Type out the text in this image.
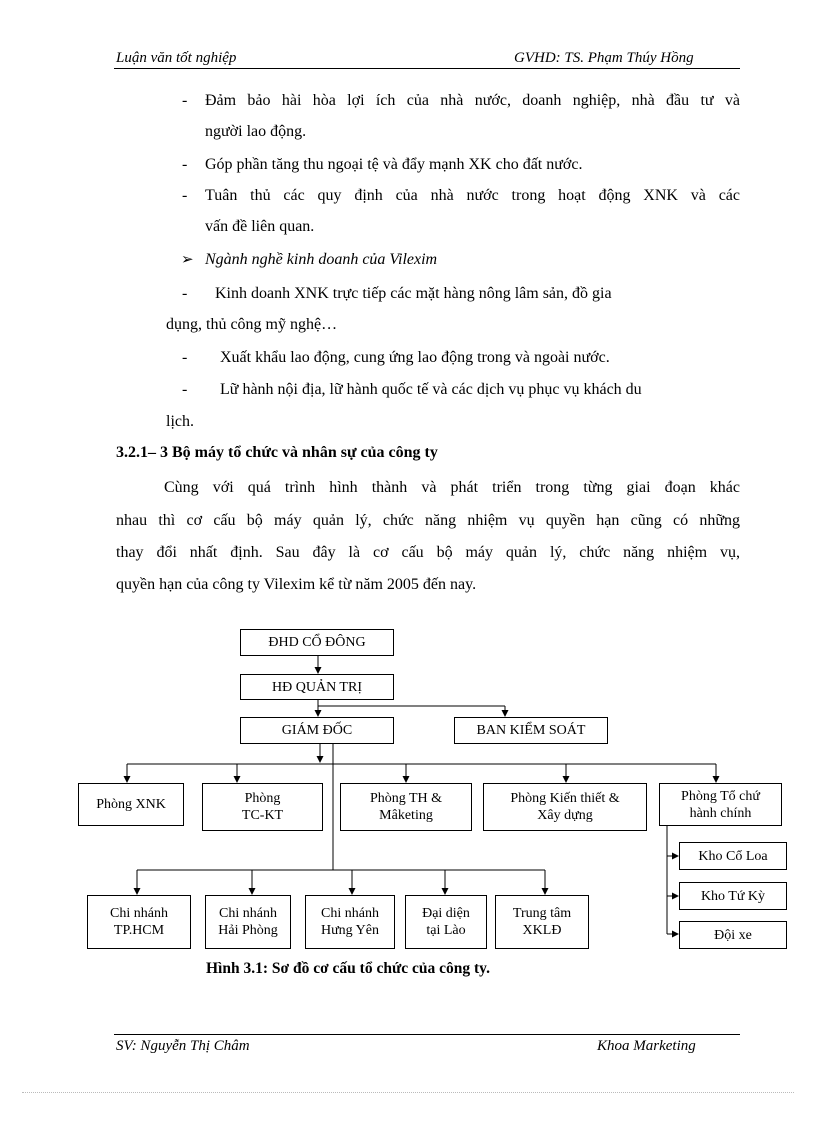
Luận văn tốt nghiệp	GVHD: TS. Phạm Thúy Hồng
- Đảm bảo hài hòa lợi ích của nhà nước, doanh nghiệp, nhà đầu tư và
người lao động.
- Góp phần tăng thu ngoại tệ và đẩy mạnh XK cho đất nước.
- Tuân thủ các quy định của nhà nước trong hoạt động XNK và các
vấn đề liên quan.
➢ Ngành nghề kinh doanh của Vilexim
- Kinh doanh XNK trực tiếp các mặt hàng nông lâm sản, đồ gia
dụng, thủ công mỹ nghệ…
- Xuất khẩu lao động, cung ứng lao động trong và ngoài nước.
- Lữ hành nội địa, lữ hành quốc tế và các dịch vụ phục vụ khách du
lịch.
3.2.1– 3 Bộ máy tổ chức và nhân sự của công ty
Cùng với quá trình hình thành và phát triển trong từng giai đoạn khác
nhau thì cơ cấu bộ máy quản lý, chức năng nhiệm vụ quyền hạn cũng có những
thay đổi nhất định. Sau đây là cơ cấu bộ máy quản lý, chức năng nhiệm vụ,
quyền hạn của công ty Vilexim kể từ năm 2005 đến nay.
ĐHD CỔ ĐÔNG
HĐ QUẢN TRỊ
GIÁM ĐỐC	BAN KIỂM SOÁT
Phòng XNK	Phòng
TC-KT
Phòng TH &
Mâketing
Phòng Kiến thiết &
Xây dựng
Phòng Tổ chứ
hành chính
Kho Cổ Loa
Kho Tứ Kỳ
Đội xe
Chi nhánh
TP.HCM
Chi nhánh
Hải Phòng
Chi nhánh
Hưng Yên
Đại diện
tại Lào
Trung tâm
XKLĐ
Hình 3.1: Sơ đồ cơ cấu tổ chức của công ty.
SV: Nguyễn Thị Châm	Khoa Marketing
